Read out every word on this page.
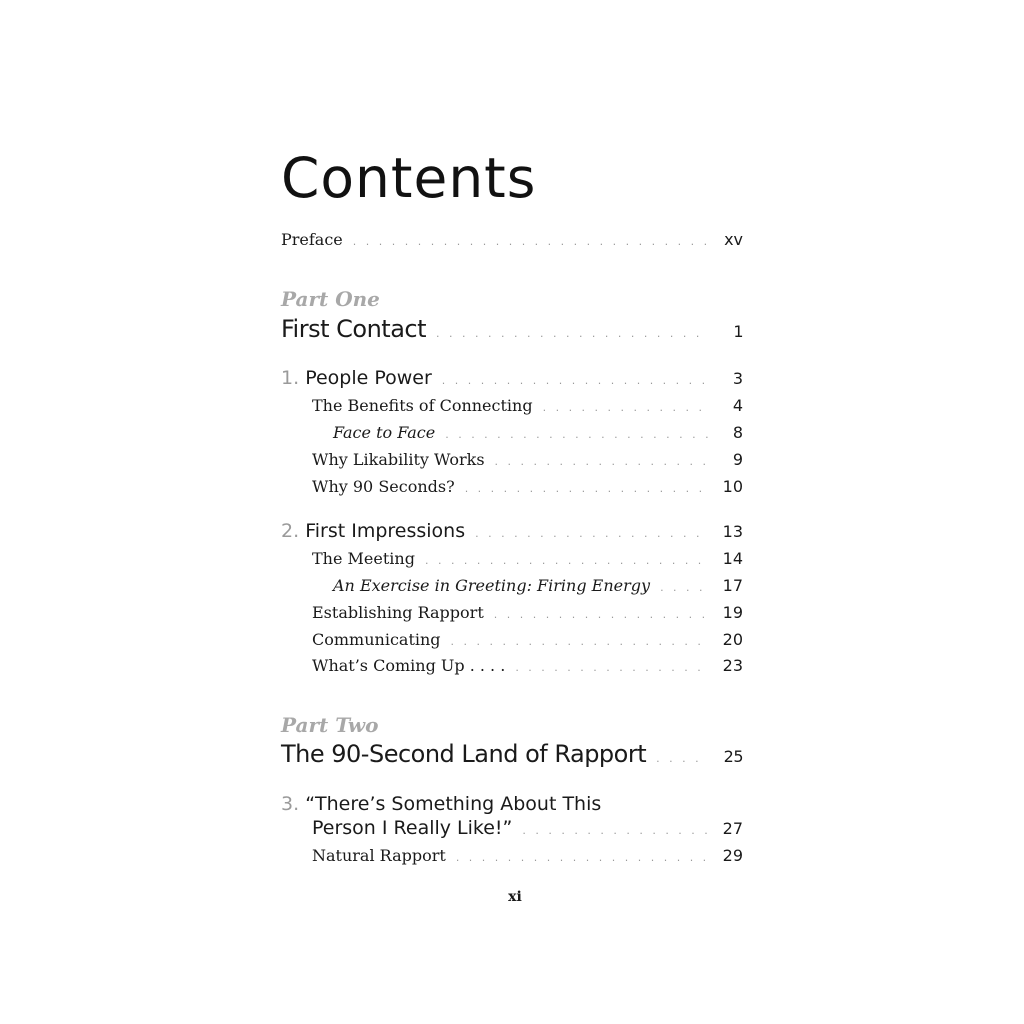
Contents
Preface . . .	xv
Part One
First Contact . . .	1
1. People Power . . .	3
The Benefits of Connecting . . .	4
Face to Face . . .	8
Why Likability Works . . .	9
Why 90 Seconds? . . .	10
2. First Impressions . . .	13
The Meeting . . .	14
An Exercise in Greeting: Firing Energy . . .	17
Establishing Rapport . . .	19
Communicating . . .	20
What’s Coming Up . . . . . . .	23
Part Two
The 90-Second Land of Rapport . . .	25
3. “There’s Something About This
Person I Really Like!” . . .	27
Natural Rapport . . .	29
xi
